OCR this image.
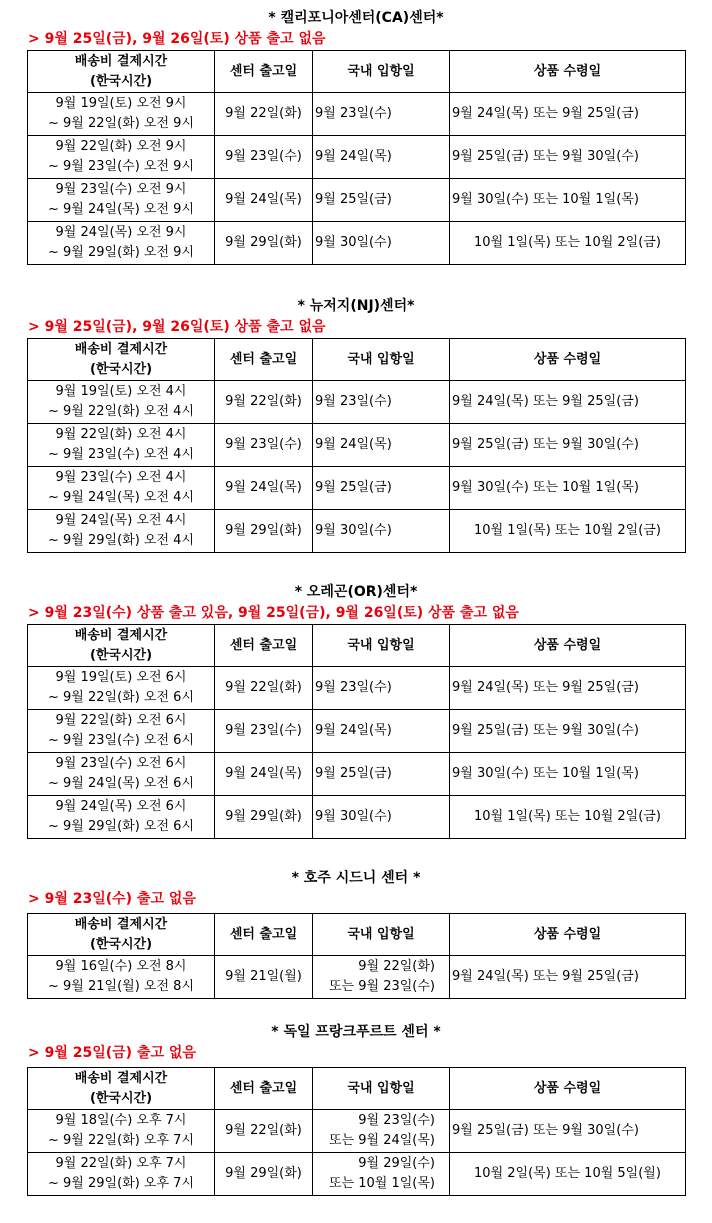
* 캘리포니아센터(CA)센터*
> 9월 25일(금), 9월 26일(토) 상품 출고 없음
배송비 결제시간
(한국시간)	센터 출고일	국내 입항일	상품 수령일

9월 19일(토) 오전 9시
~ 9월 22일(화) 오전 9시	9월 22일(화)	9월 23일(수)	9월 24일(목) 또는 9월 25일(금)

9월 22일(화) 오전 9시
~ 9월 23일(수) 오전 9시	9월 23일(수)	9월 24일(목)	9월 25일(금) 또는 9월 30일(수)

9월 23일(수) 오전 9시
~ 9월 24일(목) 오전 9시	9월 24일(목)	9월 25일(금)	9월 30일(수) 또는 10월 1일(목)

9월 24일(목) 오전 9시
~ 9월 29일(화) 오전 9시	9월 29일(화)	9월 30일(수)	10월 1일(목) 또는 10월 2일(금)
* 뉴저지(NJ)센터*
> 9월 25일(금), 9월 26일(토) 상품 출고 없음
배송비 결제시간
(한국시간)	센터 출고일	국내 입항일	상품 수령일

9월 19일(토) 오전 4시
~ 9월 22일(화) 오전 4시	9월 22일(화)	9월 23일(수)	9월 24일(목) 또는 9월 25일(금)

9월 22일(화) 오전 4시
~ 9월 23일(수) 오전 4시	9월 23일(수)	9월 24일(목)	9월 25일(금) 또는 9월 30일(수)

9월 23일(수) 오전 4시
~ 9월 24일(목) 오전 4시	9월 24일(목)	9월 25일(금)	9월 30일(수) 또는 10월 1일(목)

9월 24일(목) 오전 4시
~ 9월 29일(화) 오전 4시	9월 29일(화)	9월 30일(수)	10월 1일(목) 또는 10월 2일(금)
* 오레곤(OR)센터*
> 9월 23일(수) 상품 출고 있음, 9월 25일(금), 9월 26일(토) 상품 출고 없음
배송비 결제시간
(한국시간)	센터 출고일	국내 입항일	상품 수령일

9월 19일(토) 오전 6시
~ 9월 22일(화) 오전 6시	9월 22일(화)	9월 23일(수)	9월 24일(목) 또는 9월 25일(금)

9월 22일(화) 오전 6시
~ 9월 23일(수) 오전 6시	9월 23일(수)	9월 24일(목)	9월 25일(금) 또는 9월 30일(수)

9월 23일(수) 오전 6시
~ 9월 24일(목) 오전 6시	9월 24일(목)	9월 25일(금)	9월 30일(수) 또는 10월 1일(목)

9월 24일(목) 오전 6시
~ 9월 29일(화) 오전 6시	9월 29일(화)	9월 30일(수)	10월 1일(목) 또는 10월 2일(금)
* 호주 시드니 센터 *
> 9월 23일(수) 출고 없음
배송비 결제시간
(한국시간)	센터 출고일	국내 입항일	상품 수령일

9월 16일(수) 오전 8시
~ 9월 21일(월) 오전 8시	9월 21일(월)	9월 22일(화)
또는 9월 23일(수)	9월 24일(목) 또는 9월 25일(금)
* 독일 프랑크푸르트 센터 *
> 9월 25일(금) 출고 없음
배송비 결제시간
(한국시간)	센터 출고일	국내 입항일	상품 수령일

9월 18일(수) 오후 7시
~ 9월 22일(화) 오후 7시	9월 22일(화)	9월 23일(수)
또는 9월 24일(목)	9월 25일(금) 또는 9월 30일(수)

9월 22일(화) 오후 7시
~ 9월 29일(화) 오후 7시	9월 29일(화)	9월 29일(수)
또는 10월 1일(목)	10월 2일(목) 또는 10월 5일(월)
